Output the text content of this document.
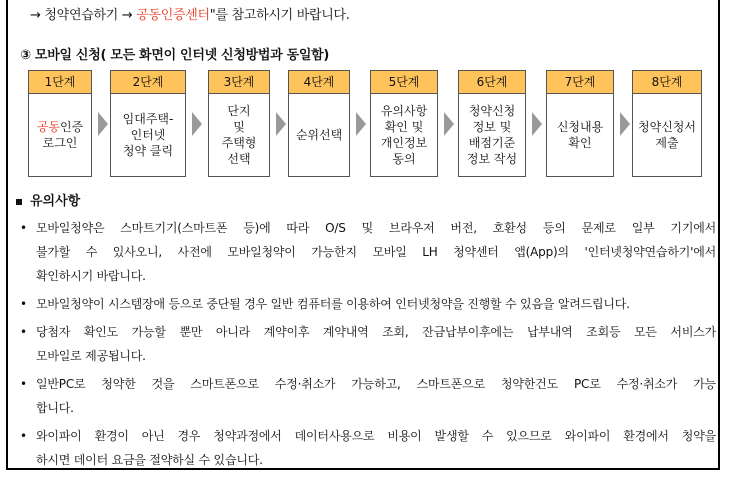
→ 청약연습하기 → 공동인증센터"를 참고하시기 바랍니다.
③ 모바일 신청( 모든 화면이 인터넷 신청방법과 동일함)
1단계
공동인증
로그인
2단계
임대주택-
인터넷
청약 클릭
3단계
단지
및
주택형
선택
4단계
순위선택
5단계
유의사항
확인 및
개인정보
동의
6단계
청약신청
정보 및
배점기준
정보 작성
7단계
신청내용
확인
8단계
청약신청서
제출
유의사항
• 모바일청약은 스마트기기(스마트폰 등)에 따라 O/S 및 브라우저 버전, 호환성 등의 문제로 일부 기기에서
불가할 수 있사오니, 사전에 모바일청약이 가능한지 모바일 LH 청약센터 앱(App)의 '인터넷청약연습하기'에서
확인하시기 바랍니다.
• 모바일청약이 시스템장애 등으로 중단될 경우 일반 컴퓨터를 이용하여 인터넷청약을 진행할 수 있음을 알려드립니다.
• 당첨자 확인도 가능할 뿐만 아니라 계약이후 계약내역 조회, 잔금납부이후에는 납부내역 조회등 모든 서비스가
모바일로 제공됩니다.
• 일반PC로 청약한 것을 스마트폰으로 수정·취소가 가능하고, 스마트폰으로 청약한건도 PC로 수정·취소가 가능
합니다.
• 와이파이 환경이 아닌 경우 청약과정에서 데이터사용으로 비용이 발생할 수 있으므로 와이파이 환경에서 청약을
하시면 데이터 요금을 절약하실 수 있습니다.
